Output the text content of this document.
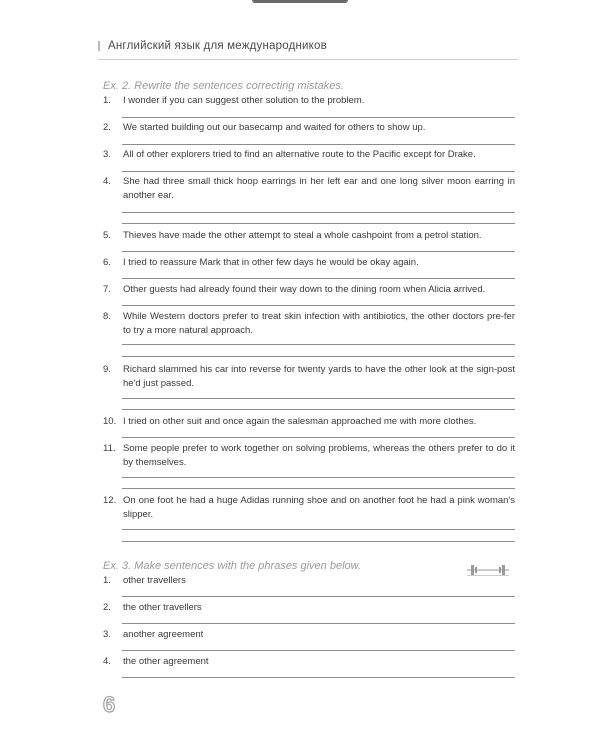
Английский язык для международников
Ex. 2. Rewrite the sentences correcting mistakes.
1. I wonder if you can suggest other solution to the problem.
2. We started building out our basecamp and waited for others to show up.
3. All of other explorers tried to find an alternative route to the Pacific except for Drake.
4. She had three small thick hoop earrings in her left ear and one long silver moon earring in another ear.
5. Thieves have made the other attempt to steal a whole cashpoint from a petrol station.
6. I tried to reassure Mark that in other few days he would be okay again.
7. Other guests had already found their way down to the dining room when Alicia arrived.
8. While Western doctors prefer to treat skin infection with antibiotics, the other doctors pre-fer to try a more natural approach.
9. Richard slammed his car into reverse for twenty yards to have the other look at the sign-post he'd just passed.
10. I tried on other suit and once again the salesman approached me with more clothes.
11. Some people prefer to work together on solving problems, whereas the others prefer to do it by themselves.
12. On one foot he had a huge Adidas running shoe and on another foot he had a pink woman's slipper.
Ex. 3. Make sentences with the phrases given below.
1. other travellers
2. the other travellers
3. another agreement
4. the other agreement
6
